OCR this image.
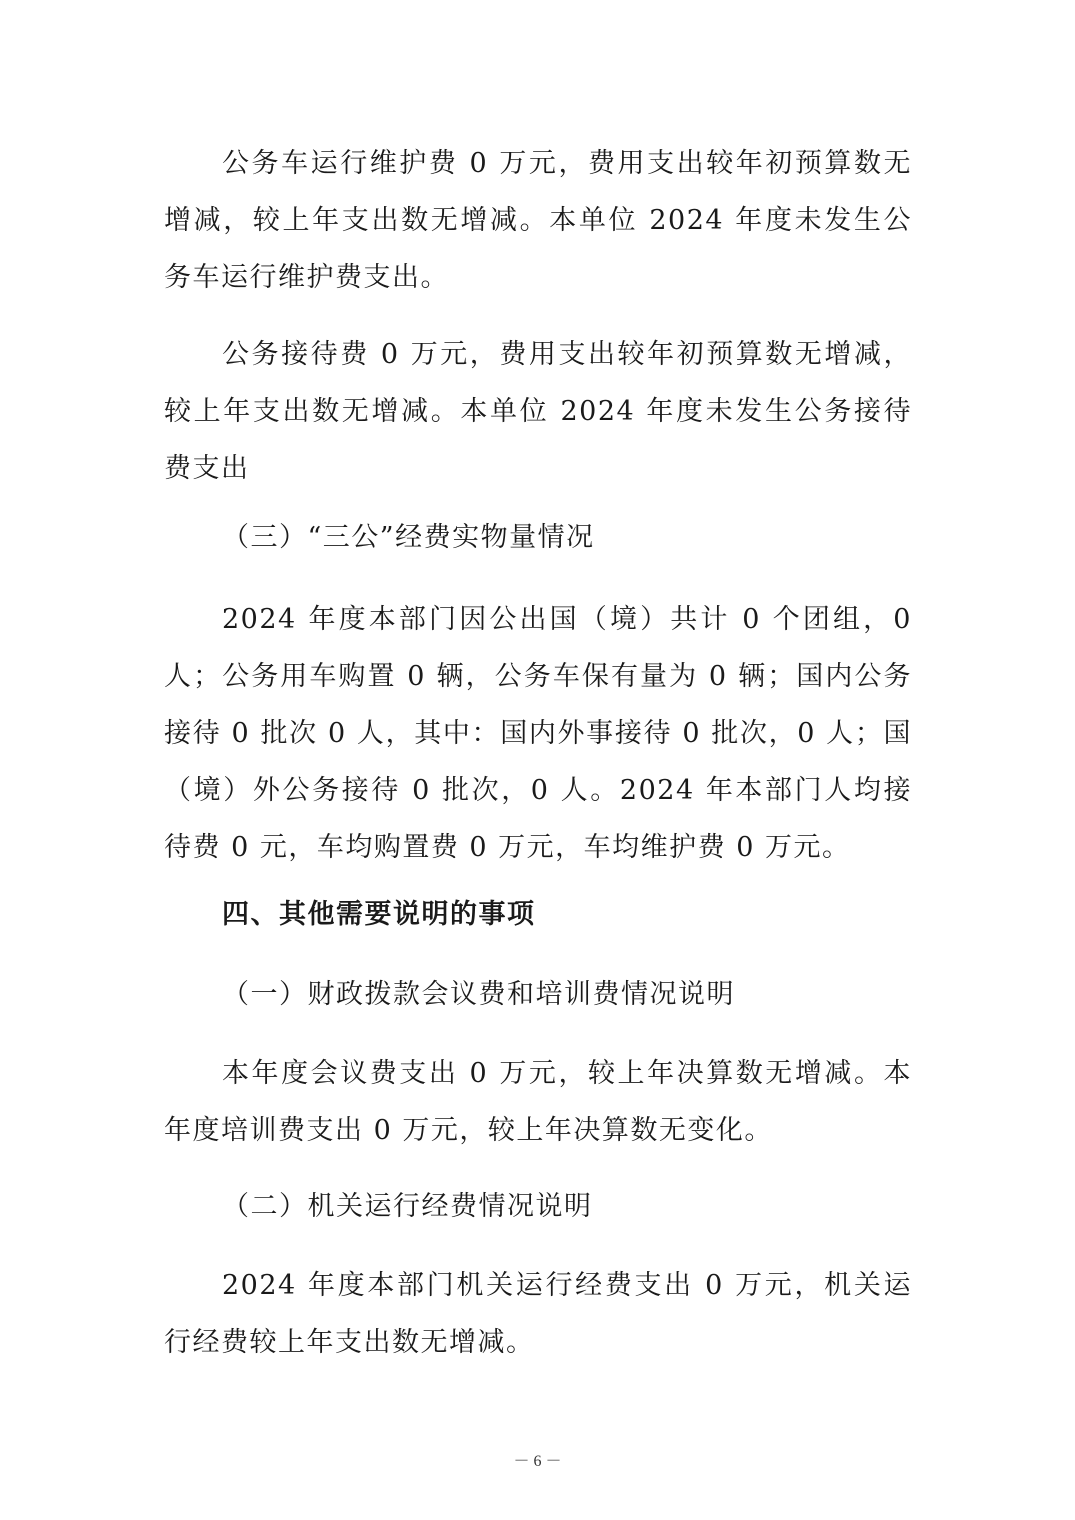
公务车运行维护费 0 万元，费用支出较年初预算数无增减，较上年支出数无增减。本单位 2024 年度未发生公务车运行维护费支出。

公务接待费 0 万元，费用支出较年初预算数无增减，较上年支出数无增减。本单位 2024 年度未发生公务接待费支出

（三）“三公”经费实物量情况

2024 年度本部门因公出国（境）共计 0 个团组，0 人；公务用车购置 0 辆，公务车保有量为 0 辆；国内公务接待 0 批次 0 人，其中：国内外事接待 0 批次，0 人；国（境）外公务接待 0 批次，0 人。2024 年本部门人均接待费 0 元，车均购置费 0 万元，车均维护费 0 万元。

四、其他需要说明的事项

（一）财政拨款会议费和培训费情况说明

本年度会议费支出 0 万元，较上年决算数无增减。本年度培训费支出 0 万元，较上年决算数无变化。

（二）机关运行经费情况说明

2024 年度本部门机关运行经费支出 0 万元，机关运行经费较上年支出数无增减。

－ 6 －
